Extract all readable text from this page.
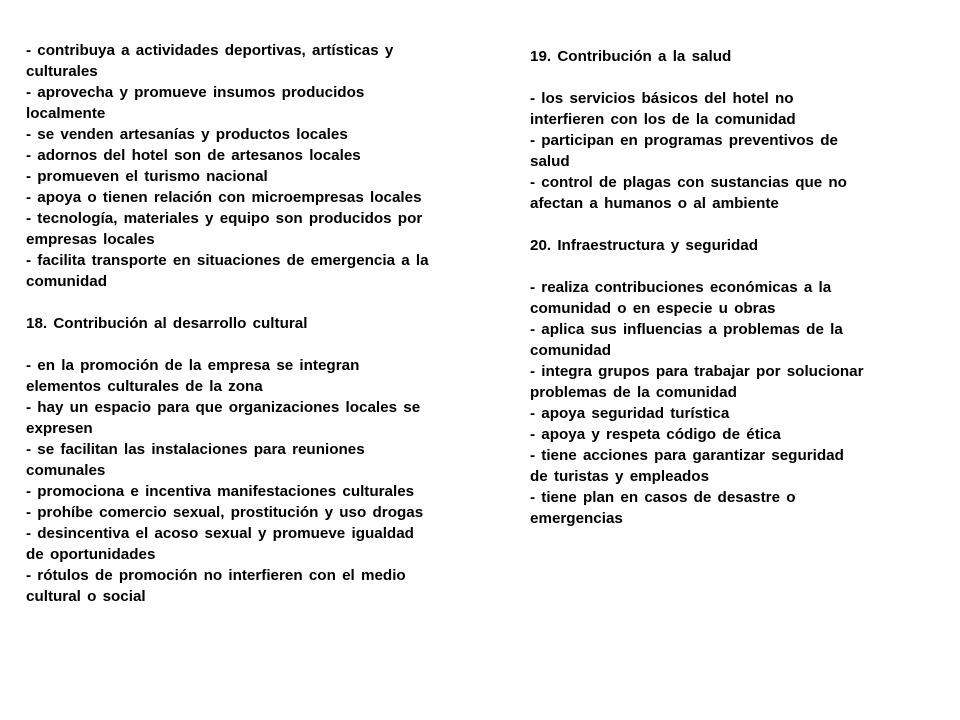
- contribuya a actividades deportivas, artísticas y
culturales
- aprovecha y promueve insumos producidos
localmente
- se venden artesanías y productos locales
- adornos del hotel son de artesanos locales
- promueven el turismo nacional
- apoya o tienen relación con microempresas locales
- tecnología, materiales y equipo son producidos por
empresas locales
- facilita transporte en situaciones de emergencia a la
comunidad
18. Contribución al desarrollo cultural
- en la promoción de la empresa se integran
elementos culturales de la zona
- hay un espacio para que organizaciones locales se
expresen
- se facilitan las instalaciones para reuniones
comunales
- promociona e incentiva manifestaciones culturales
- prohíbe comercio sexual, prostitución y uso drogas
- desincentiva el acoso sexual y promueve igualdad
de oportunidades
- rótulos de promoción no interfieren con el medio
cultural o social
19. Contribución a la salud
- los servicios básicos del hotel no
interfieren con los de la comunidad
- participan en programas preventivos de
salud
- control de plagas con sustancias que no
afectan a humanos o al ambiente
20. Infraestructura y seguridad
- realiza contribuciones económicas a la
comunidad o en especie u obras
- aplica sus influencias a problemas de la
comunidad
- integra grupos para trabajar por solucionar
problemas de la comunidad
- apoya seguridad turística
- apoya y respeta código de ética
- tiene acciones para garantizar seguridad
de turistas y empleados
- tiene plan en casos de desastre o
emergencias
